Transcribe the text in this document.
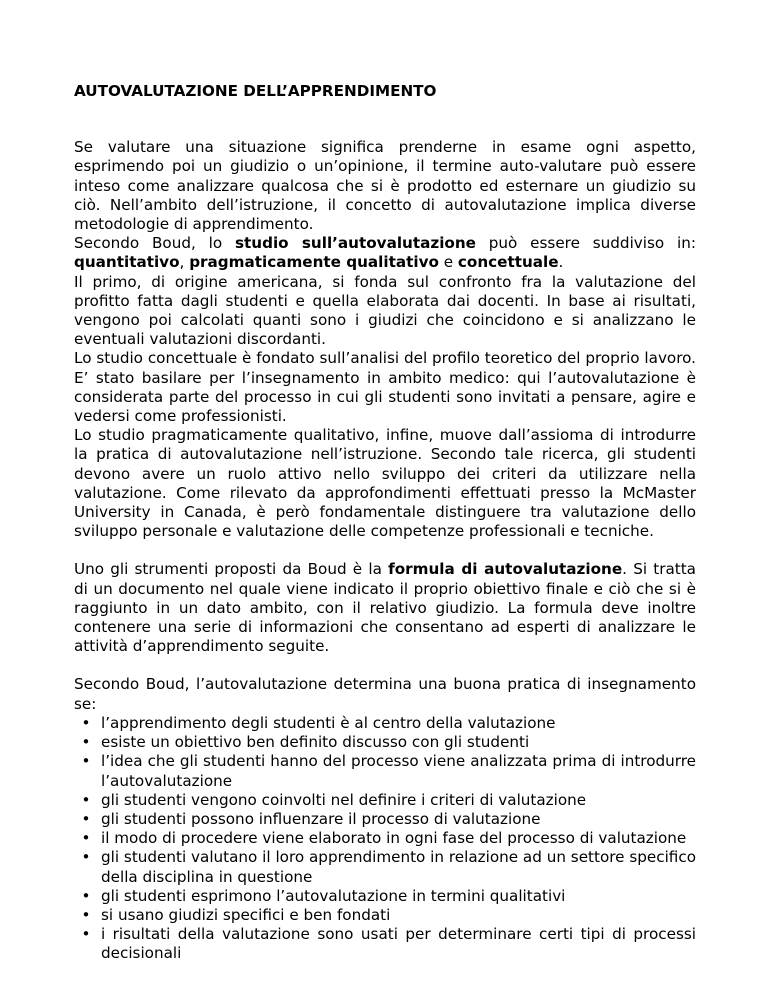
AUTOVALUTAZIONE DELL’APPRENDIMENTO

Se valutare una situazione significa prenderne in esame ogni aspetto, esprimendo poi un giudizio o un’opinione, il termine auto-valutare può essere inteso come analizzare qualcosa che si è prodotto ed esternare un giudizio su ciò. Nell’ambito dell’istruzione, il concetto di autovalutazione implica diverse metodologie di apprendimento.

Secondo Boud, lo studio sull’autovalutazione può essere suddiviso in: quantitativo, pragmaticamente qualitativo e concettuale.

Il primo, di origine americana, si fonda sul confronto fra la valutazione del profitto fatta dagli studenti e quella elaborata dai docenti. In base ai risultati, vengono poi calcolati quanti sono i giudizi che coincidono e si analizzano le eventuali valutazioni discordanti.

Lo studio concettuale è fondato sull’analisi del profilo teoretico del proprio lavoro. E’ stato basilare per l’insegnamento in ambito medico: qui l’autovalutazione è considerata parte del processo in cui gli studenti sono invitati a pensare, agire e vedersi come professionisti.

Lo studio pragmaticamente qualitativo, infine, muove dall’assioma di introdurre la pratica di autovalutazione nell’istruzione. Secondo tale ricerca, gli studenti devono avere un ruolo attivo nello sviluppo dei criteri da utilizzare nella valutazione. Come rilevato da approfondimenti effettuati presso la McMaster University in Canada, è però fondamentale distinguere tra valutazione dello sviluppo personale e valutazione delle competenze professionali e tecniche.

Uno gli strumenti proposti da Boud è la formula di autovalutazione. Si tratta di un documento nel quale viene indicato il proprio obiettivo finale e ciò che si è raggiunto in un dato ambito, con il relativo giudizio. La formula deve inoltre contenere una serie di informazioni che consentano ad esperti di analizzare le attività d’apprendimento seguite.

Secondo Boud, l’autovalutazione determina una buona pratica di insegnamento se:

• l’apprendimento degli studenti è al centro della valutazione
• esiste un obiettivo ben definito discusso con gli studenti
• l’idea che gli studenti hanno del processo viene analizzata prima di introdurre l’autovalutazione
• gli studenti vengono coinvolti nel definire i criteri di valutazione
• gli studenti possono influenzare il processo di valutazione
• il modo di procedere viene elaborato in ogni fase del processo di valutazione
• gli studenti valutano il loro apprendimento in relazione ad un settore specifico della disciplina in questione
• gli studenti esprimono l’autovalutazione in termini qualitativi
• si usano giudizi specifici e ben fondati
• i risultati della valutazione sono usati per determinare certi tipi di processi decisionali
